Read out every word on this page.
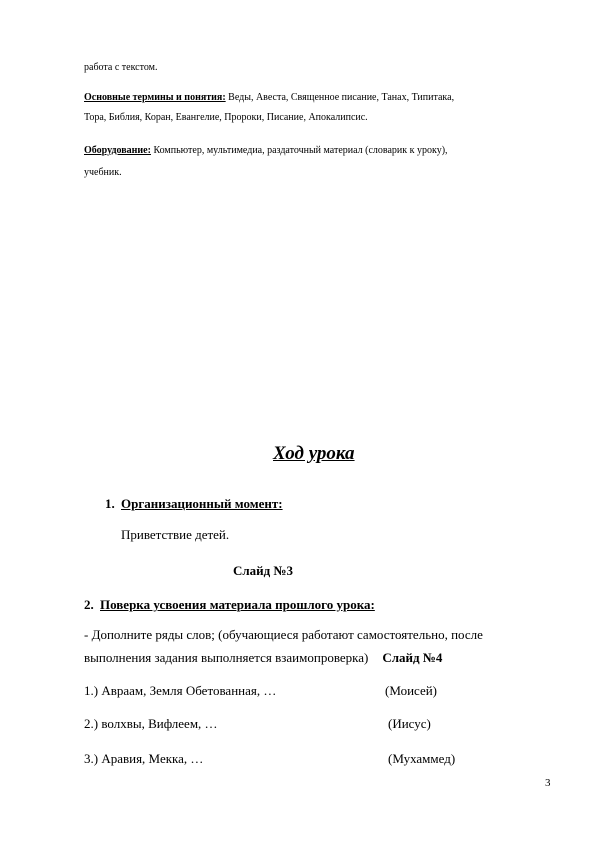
работа с текстом.
Основные термины и понятия: Веды, Авеста, Священное писание, Танах, Типитака,
Тора, Библия, Коран, Евангелие, Пророки, Писание, Апокалипсис.
Оборудование: Компьютер, мультимедиа, раздаточный материал (словарик к уроку),
учебник.
Ход урока
1. Организационный момент:
Приветствие детей.
Слайд №3
2. Поверка усвоения материала прошлого урока:
- Дополните ряды слов; (обучающиеся работают самостоятельно, после
выполнения задания выполняется взаимопроверка) Слайд №4
1.) Авраам, Земля Обетованная, …	(Моисей)
2.) волхвы, Вифлеем, …	(Иисус)
3.) Аравия, Мекка, …	(Мухаммед)
3
